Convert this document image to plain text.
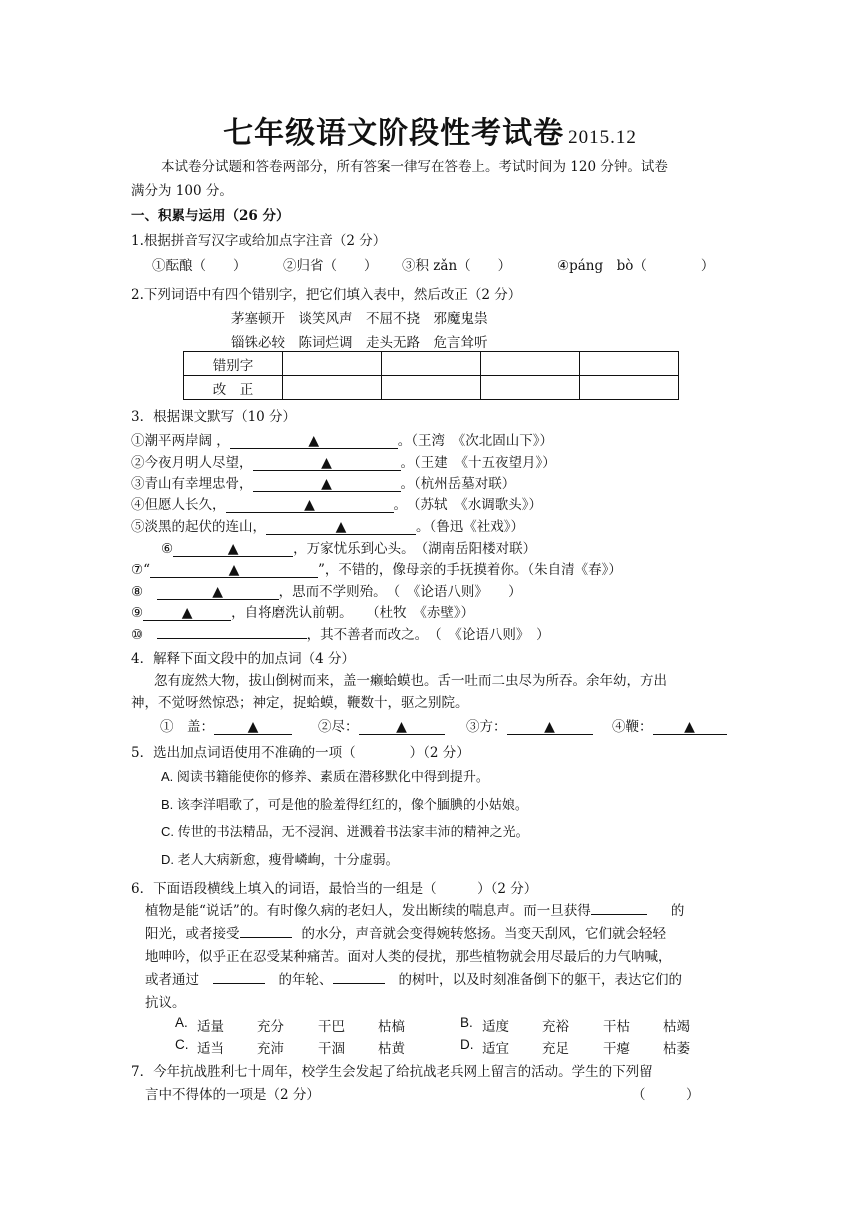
七年级语文阶段性考试卷 2015.12
本试卷分试题和答卷两部分，所有答案一律写在答卷上。考试时间为 120 分钟。试卷
满分为 100 分。
一、积累与运用（26 分）
1.根据拼音写汉字或给加点字注音（2 分）
①酝酿（　　）	②归省（　　） ③积 zǎn（　　）	④páng　bò（　　　　）
2.下列词语中有四个错别字，把它们填入表中，然后改正（2 分）
茅塞顿开　谈笑风声　不屈不挠　邪魔鬼祟
锱铢必较　陈词烂调　走头无路　危言耸听
错别字				
改　正				
3．根据课文默写（10 分）
①潮平两岸阔 ，	▲	。（王湾　《次北固山下》）
②今夜月明人尽望，	▲	。（王建　《十五夜望月》）
③青山有幸埋忠骨，	▲	。（杭州岳墓对联）
④但愿人长久，	▲	。　（苏轼　《水调歌头》）
⑤淡黑的起伏的连山，	▲	。（鲁迅《社戏》）
⑥	▲	，万家忧乐到心头。　（湖南岳阳楼对联）
⑦“	▲	”，不错的，像母亲的手抚摸着你。（朱自清《春》）
⑧　	▲	，思而不学则殆。　（　《论语八则》　　）
⑨	▲	，自将磨洗认前朝。　　（杜牧　《赤壁》）
⑩　	，其不善者而改之。　（　《论语八则》　）
4．解释下面文段中的加点词（4 分）
忽有庞然大物，拔山倒树而来，盖一癞蛤蟆也。舌一吐而二虫尽为所吞。余年幼，方出
神，不觉呀然惊恐；神定，捉蛤蟆，鞭数十，驱之别院。
①　盖： ▲	②尽：	▲	③方：	▲	④鞭： ▲
5．选出加点词语使用不准确的一项（　　　　）（2 分）
A. 阅读书籍能使你的修养、素质在潜移默化中得到提升。
B. 该李洋唱歌了，可是他的脸羞得红红的，像个腼腆的小姑娘。
C. 传世的书法精品，无不浸润、迸溅着书法家丰沛的精神之光。
D. 老人大病新愈，瘦骨嶙峋，十分虚弱。
6．下面语段横线上填入的词语，最恰当的一组是（　　　）（2 分）
植物是能“说话”的。有时像久病的老妇人，发出断续的喘息声。而一旦获得	的
阳光，或者接受	的水分，声音就会变得婉转悠扬。当变天刮风，它们就会轻轻
地呻吟，似乎正在忍受某种痛苦。面对人类的侵扰，那些植物就会用尽最后的力气呐喊，
或者通过　	的年轮、	的树叶，以及时刻准备倒下的躯干，表达它们的
抗议。
A. 适量 充分	干巴 枯槁	B. 适度 充裕	干枯 枯竭
C. 适当 充沛	干涸 枯黄	D. 适宜 充足	干瘪 枯萎
7．今年抗战胜利七十周年，校学生会发起了给抗战老兵网上留言的活动。学生的下列留
言中不得体的一项是（2 分）	（　　　）
